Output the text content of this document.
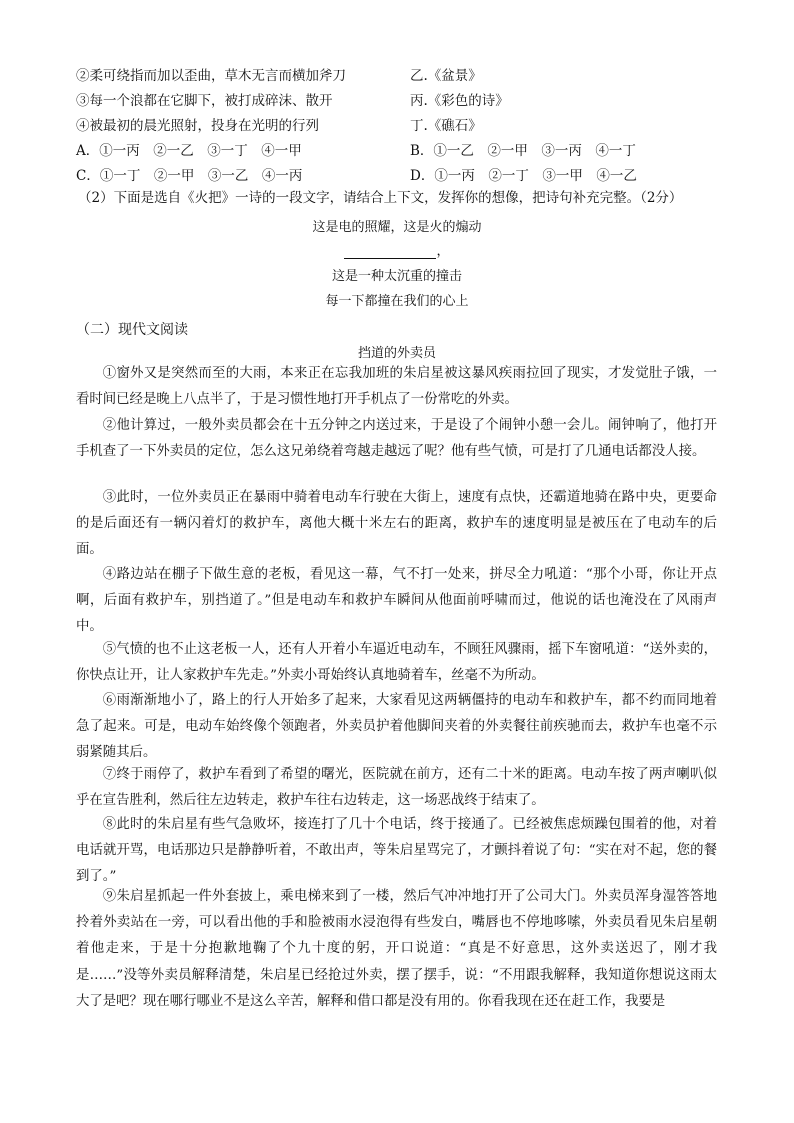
②柔可绕指而加以歪曲，草木无言而横加斧刀	乙.《盆景》
③每一个浪都在它脚下，被打成碎沫、散开	丙.《彩色的诗》
④被最初的晨光照射，投身在光明的行列	丁.《礁石》
A．①一丙　②一乙　③一丁　④一甲	B．①一乙　②一甲　③一丙　④一丁
C．①一丁　②一甲　③一乙　④一丙	D．①一丙　②一丁　③一甲　④一乙
（2）下面是选自《火把》一诗的一段文字，请结合上下文，发挥你的想像，把诗句补充完整。（2分）
这是电的照耀，这是火的煽动
，
这是一种太沉重的撞击
每一下都撞在我们的心上
（二）现代文阅读
挡道的外卖员
①窗外又是突然而至的大雨，本来正在忘我加班的朱启星被这暴风疾雨拉回了现实，才发觉肚子饿，一看时间已经是晚上八点半了，于是习惯性地打开手机点了一份常吃的外卖。
②他计算过，一般外卖员都会在十五分钟之内送过来，于是设了个闹钟小憩一会儿。闹钟响了，他打开手机查了一下外卖员的定位，怎么这兄弟绕着弯越走越远了呢？他有些气愤，可是打了几通电话都没人接。
③此时，一位外卖员正在暴雨中骑着电动车行驶在大街上，速度有点快，还霸道地骑在路中央，更要命的是后面还有一辆闪着灯的救护车，离他大概十米左右的距离，救护车的速度明显是被压在了电动车的后面。
④路边站在棚子下做生意的老板，看见这一幕，气不打一处来，拼尽全力吼道：“那个小哥，你让开点啊，后面有救护车，别挡道了。”但是电动车和救护车瞬间从他面前呼啸而过，他说的话也淹没在了风雨声中。
⑤气愤的也不止这老板一人，还有人开着小车逼近电动车，不顾狂风骤雨，摇下车窗吼道：“送外卖的，你快点让开，让人家救护车先走。”外卖小哥始终认真地骑着车，丝毫不为所动。
⑥雨渐渐地小了，路上的行人开始多了起来，大家看见这两辆僵持的电动车和救护车，都不约而同地着急了起来。可是，电动车始终像个领跑者，外卖员护着他脚间夹着的外卖餐往前疾驰而去，救护车也毫不示弱紧随其后。
⑦终于雨停了，救护车看到了希望的曙光，医院就在前方，还有二十米的距离。电动车按了两声喇叭似乎在宣告胜利，然后往左边转走，救护车往右边转走，这一场恶战终于结束了。
⑧此时的朱启星有些气急败坏，接连打了几十个电话，终于接通了。已经被焦虑烦躁包围着的他，对着电话就开骂，电话那边只是静静听着，不敢出声，等朱启星骂完了，才颤抖着说了句：“实在对不起，您的餐到了。”
⑨朱启星抓起一件外套披上，乘电梯来到了一楼，然后气冲冲地打开了公司大门。外卖员浑身湿答答地拎着外卖站在一旁，可以看出他的手和脸被雨水浸泡得有些发白，嘴唇也不停地哆嗦，外卖员看见朱启星朝着他走来，于是十分抱歉地鞠了个九十度的躬，开口说道：“真是不好意思，这外卖送迟了，刚才我是……”没等外卖员解释清楚，朱启星已经抢过外卖，摆了摆手，说：“不用跟我解释，我知道你想说这雨太大了是吧？现在哪行哪业不是这么辛苦，解释和借口都是没有用的。你看我现在还在赶工作，我要是
